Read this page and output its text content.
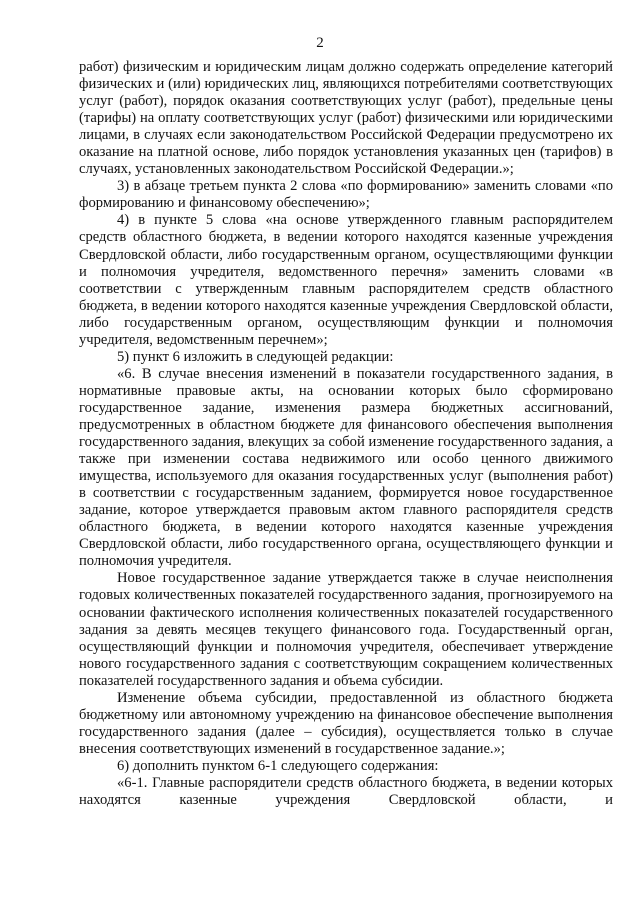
2

работ) физическим и юридическим лицам должно содержать определение категорий физических и (или) юридических лиц, являющихся потребителями соответствующих услуг (работ), порядок оказания соответствующих услуг (работ), предельные цены (тарифы) на оплату соответствующих услуг (работ) физическими или юридическими лицами, в случаях если законодательством Российской Федерации предусмотрено их оказание на платной основе, либо порядок установления указанных цен (тарифов) в случаях, установленных законодательством Российской Федерации.»;

3) в абзаце третьем пункта 2 слова «по формированию» заменить словами «по формированию и финансовому обеспечению»;

4) в пункте 5 слова «на основе утвержденного главным распорядителем средств областного бюджета, в ведении которого находятся казенные учреждения Свердловской области, либо государственным органом, осуществляющими функции и полномочия учредителя, ведомственного перечня» заменить словами «в соответствии с утвержденным главным распорядителем средств областного бюджета, в ведении которого находятся казенные учреждения Свердловской области, либо государственным органом, осуществляющим функции и полномочия учредителя, ведомственным перечнем»;

5) пункт 6 изложить в следующей редакции:

«6. В случае внесения изменений в показатели государственного задания, в нормативные правовые акты, на основании которых было сформировано государственное задание, изменения размера бюджетных ассигнований, предусмотренных в областном бюджете для финансового обеспечения выполнения государственного задания, влекущих за собой изменение государственного задания, а также при изменении состава недвижимого или особо ценного движимого имущества, используемого для оказания государственных услуг (выполнения работ) в соответствии с государственным заданием, формируется новое государственное задание, которое утверждается правовым актом главного распорядителя средств областного бюджета, в ведении которого находятся казенные учреждения Свердловской области, либо государственного органа, осуществляющего функции и полномочия учредителя.

Новое государственное задание утверждается также в случае неисполнения годовых количественных показателей государственного задания, прогнозируемого на основании фактического исполнения количественных показателей государственного задания за девять месяцев текущего финансового года. Государственный орган, осуществляющий функции и полномочия учредителя, обеспечивает утверждение нового государственного задания с соответствующим сокращением количественных показателей государственного задания и объема субсидии.

Изменение объема субсидии, предоставленной из областного бюджета бюджетному или автономному учреждению на финансовое обеспечение выполнения государственного задания (далее – субсидия), осуществляется только в случае внесения соответствующих изменений в государственное задание.»;

6) дополнить пунктом 6-1 следующего содержания:

«6-1. Главные распорядители средств областного бюджета, в ведении которых находятся казенные учреждения Свердловской области, и
